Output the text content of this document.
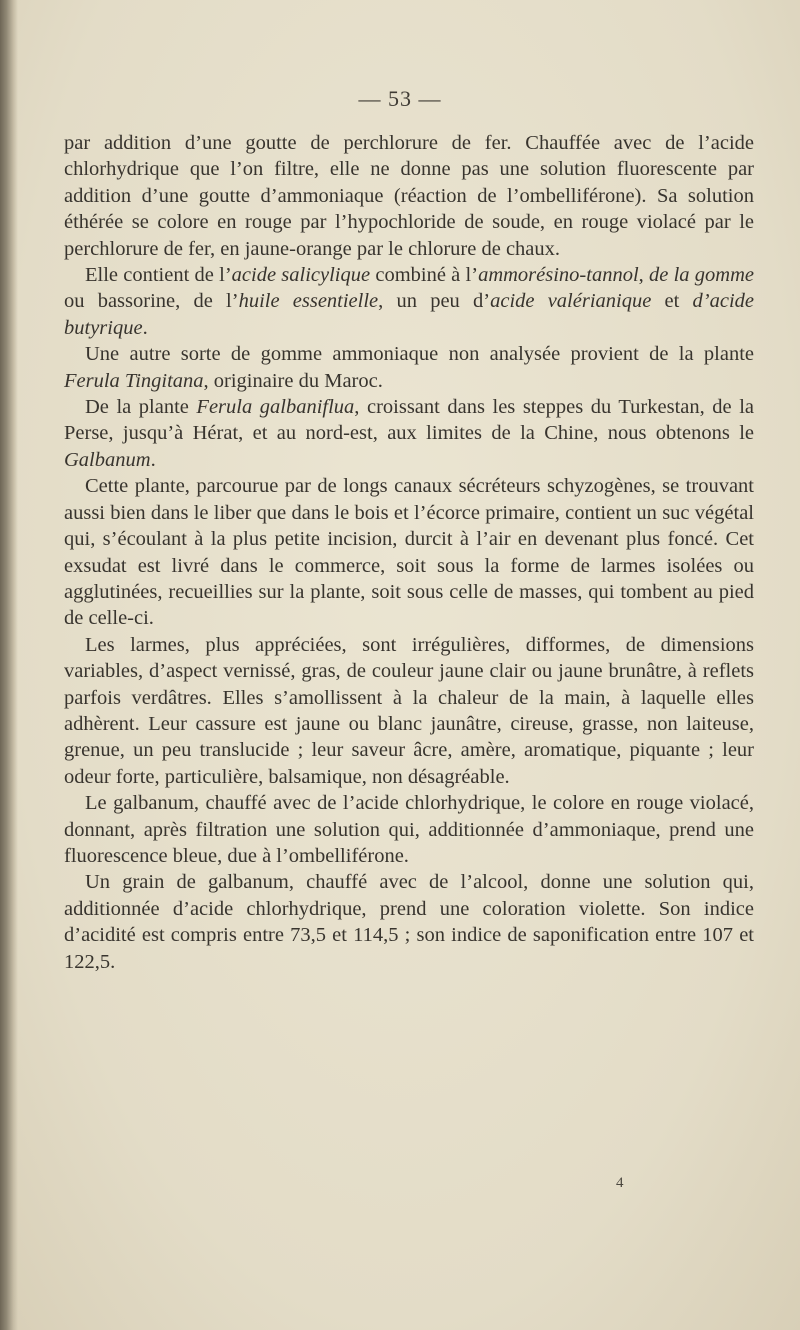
— 53 —

par addition d’une goutte de perchlorure de fer. Chauffée avec de l’acide chlorhydrique que l’on filtre, elle ne donne pas une solution fluorescente par addition d’une goutte d’ammoniaque (réaction de l’ombelliférone). Sa solution éthérée se colore en rouge par l’hypochloride de soude, en rouge violacé par le perchlorure de fer, en jaune-orange par le chlorure de chaux.

Elle contient de l’acide salicylique combiné à l’ammorésino-tannol, de la gomme ou bassorine, de l’huile essentielle, un peu d’acide valérianique et d’acide butyrique.

Une autre sorte de gomme ammoniaque non analysée provient de la plante Ferula Tingitana, originaire du Maroc.

De la plante Ferula galbaniflua, croissant dans les steppes du Turkestan, de la Perse, jusqu’à Hérat, et au nord-est, aux limites de la Chine, nous obtenons le Galbanum.

Cette plante, parcourue par de longs canaux sécréteurs schyzogènes, se trouvant aussi bien dans le liber que dans le bois et l’écorce primaire, contient un suc végétal qui, s’écoulant à la plus petite incision, durcit à l’air en devenant plus foncé. Cet exsudat est livré dans le commerce, soit sous la forme de larmes isolées ou agglutinées, recueillies sur la plante, soit sous celle de masses, qui tombent au pied de celle-ci.

Les larmes, plus appréciées, sont irrégulières, difformes, de dimensions variables, d’aspect vernissé, gras, de couleur jaune clair ou jaune brunâtre, à reflets parfois verdâtres. Elles s’amollissent à la chaleur de la main, à laquelle elles adhèrent. Leur cassure est jaune ou blanc jaunâtre, cireuse, grasse, non laiteuse, grenue, un peu translucide ; leur saveur âcre, amère, aromatique, piquante ; leur odeur forte, particulière, balsamique, non désagréable.

Le galbanum, chauffé avec de l’acide chlorhydrique, le colore en rouge violacé, donnant, après filtration une solution qui, additionnée d’ammoniaque, prend une fluorescence bleue, due à l’ombelliférone.

Un grain de galbanum, chauffé avec de l’alcool, donne une solution qui, additionnée d’acide chlorhydrique, prend une coloration violette. Son indice d’acidité est compris entre 73,5 et 114,5 ; son indice de saponification entre 107 et 122,5.

4
